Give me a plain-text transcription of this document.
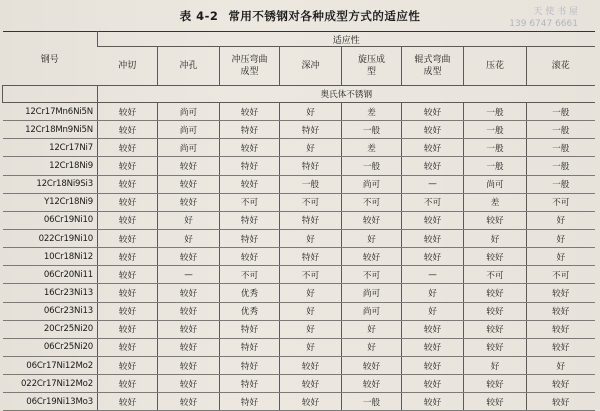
表 4-2 常用不锈钢对各种成型方式的适应性	天 使 书 屋
139 6747 6661
钢号	适应性							
	冲切	冲孔	冲压弯曲成型	深冲	旋压成型	辊式弯曲成型	压花	滚花
	奥氏体不锈钢							
12Cr17Mn6Ni5N	较好	尚可	较好	好	差	较好	一般	一般
12Cr18Mn9Ni5N	较好	尚可	特好	特好	一般	较好	一般	一般
12Cr17Ni7	较好	尚可	较好	好	差	较好	一般	一般
12Cr18Ni9	较好	较好	特好	特好	一般	较好	一般	一般
12Cr18Ni9Si3	较好	较好	较好	一般	尚可	—	尚可	一般
Y12Cr18Ni9	较好	较好	不可	不可	不可	不可	差	不可
06Cr19Ni10	较好	好	特好	特好	较好	较好	较好	好
022Cr19Ni10	较好	好	特好	好	好	较好	好	好
10Cr18Ni12	较好	较好	较好	特好	较好	较好	较好	好
06Cr20Ni11	较好	—	不可	不可	不可	—	不可	不可
16Cr23Ni13	较好	较好	优秀	好	尚可	好	较好	较好
06Cr23Ni13	较好	较好	优秀	好	尚可	好	较好	较好
20Cr25Ni20	较好	较好	特好	好	好	较好	较好	较好
06Cr25Ni20	较好	较好	特好	好	好	较好	较好	较好
06Cr17Ni12Mo2	较好	较好	特好	较好	较好	较好	好	好
022Cr17Ni12Mo2	较好	较好	特好	较好	较好	较好	较好	较好
06Cr19Ni13Mo3	较好	较好	特好	较好	一般	较好	较好	较好
